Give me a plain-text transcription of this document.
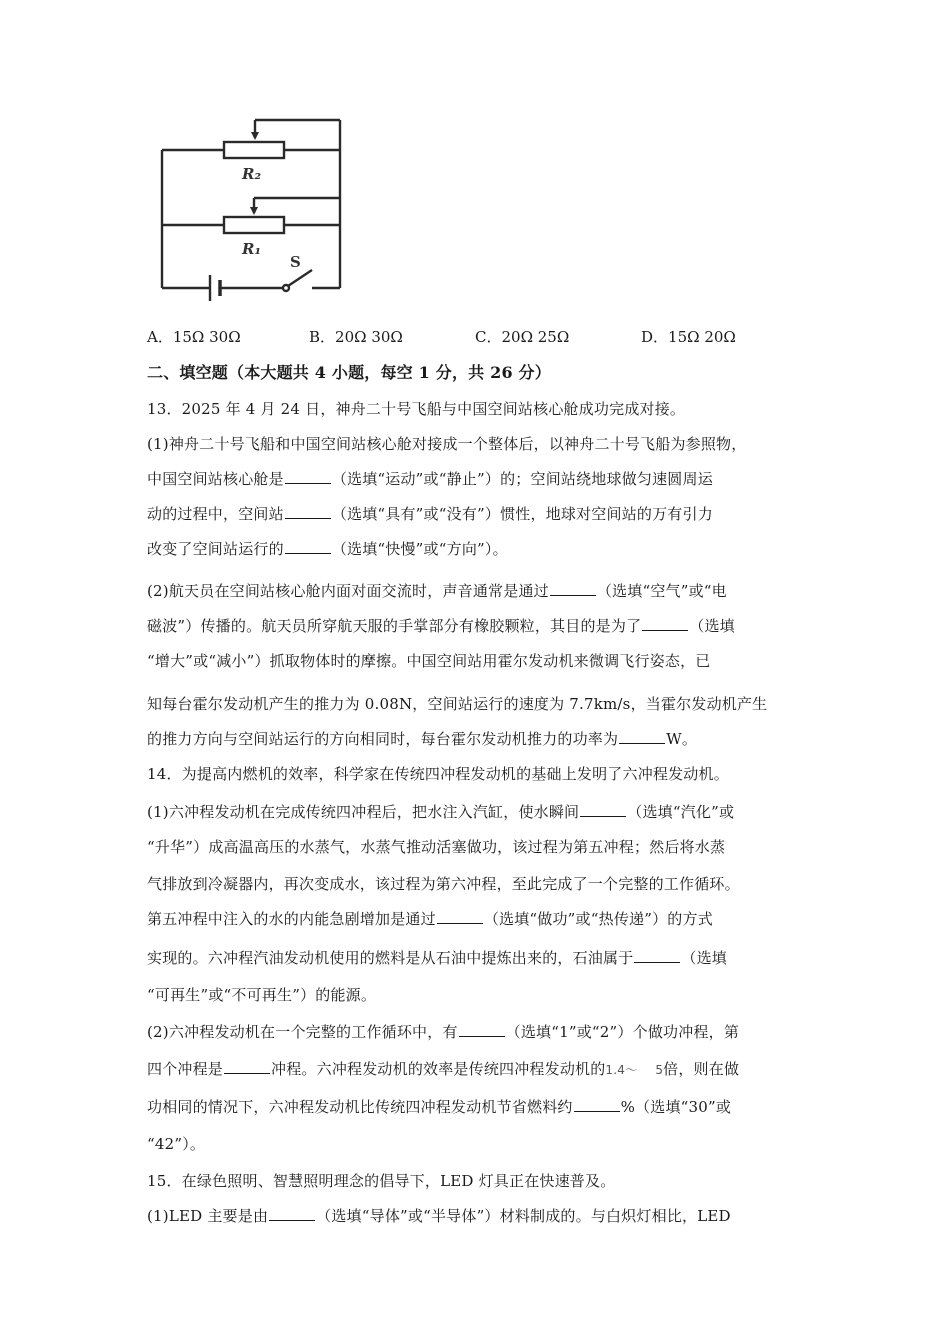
R₂
R₁
S
A．15Ω 30Ω	B．20Ω 30Ω	C．20Ω 25Ω	D．15Ω 20Ω
二、填空题（本大题共 4 小题，每空 1 分，共 26 分）
13．2025 年 4 月 24 日，神舟二十号飞船与中国空间站核心舱成功完成对接。
(1)神舟二十号飞船和中国空间站核心舱对接成一个整体后，以神舟二十号飞船为参照物，
中国空间站核心舱是	（选填“运动”或“静止”）的；空间站绕地球做匀速圆周运
动的过程中，空间站	（选填“具有”或“没有”）惯性，地球对空间站的万有引力
改变了空间站运行的	（选填“快慢”或“方向”）。
(2)航天员在空间站核心舱内面对面交流时，声音通常是通过	（选填“空气”或“电
磁波”）传播的。航天员所穿航天服的手掌部分有橡胶颗粒，其目的是为了	（选填
“增大”或“减小”）抓取物体时的摩擦。中国空间站用霍尔发动机来微调飞行姿态，已
知每台霍尔发动机产生的推力为 0.08N，空间站运行的速度为 7.7km/s，当霍尔发动机产生
的推力方向与空间站运行的方向相同时，每台霍尔发动机推力的功率为	W。
14．为提高内燃机的效率，科学家在传统四冲程发动机的基础上发明了六冲程发动机。
(1)六冲程发动机在完成传统四冲程后，把水注入汽缸，使水瞬间	（选填“汽化”或
“升华”）成高温高压的水蒸气，水蒸气推动活塞做功，该过程为第五冲程；然后将水蒸
气排放到冷凝器内，再次变成水，该过程为第六冲程，至此完成了一个完整的工作循环。
第五冲程中注入的水的内能急剧增加是通过	（选填“做功”或“热传递”）的方式
实现的。六冲程汽油发动机使用的燃料是从石油中提炼出来的，石油属于	（选填
“可再生”或“不可再生”）的能源。
(2)六冲程发动机在一个完整的工作循环中，有	（选填“1”或“2”）个做功冲程，第
四个冲程是	冲程。六冲程发动机的效率是传统四冲程发动机的1.4～ 5倍，则在做
功相同的情况下，六冲程发动机比传统四冲程发动机节省燃料约	%（选填“30”或
“42”）。
15．在绿色照明、智慧照明理念的倡导下，LED 灯具正在快速普及。
(1)LED 主要是由	（选填“导体”或“半导体”）材料制成的。与白炽灯相比，LED
